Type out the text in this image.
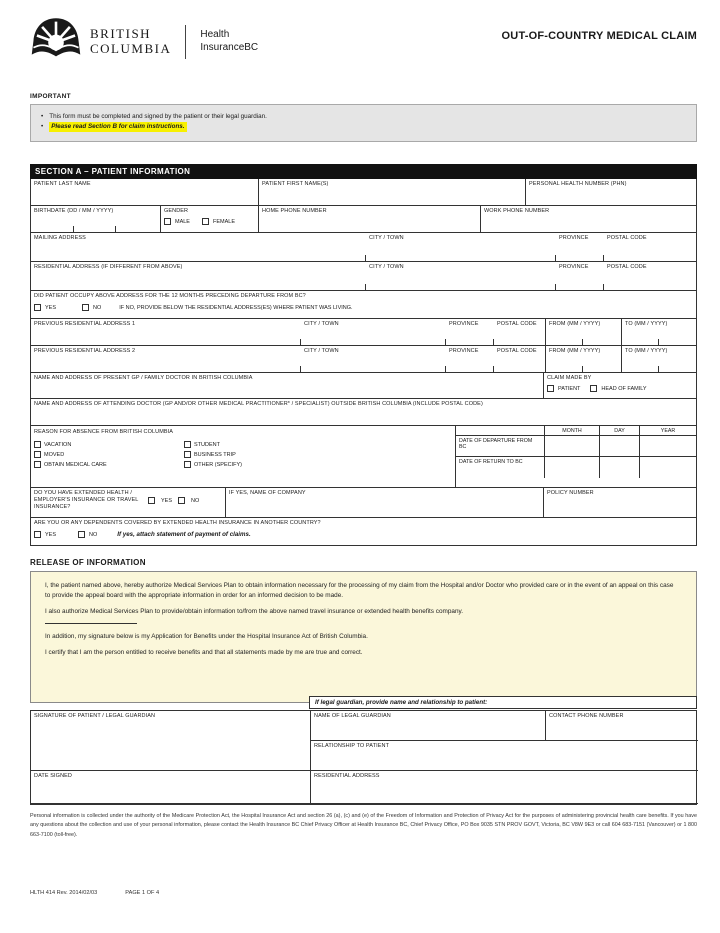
BRITISH
COLUMBIA
Health
InsuranceBC
OUT-OF-COUNTRY MEDICAL CLAIM
IMPORTANT
• This form must be completed and signed by the patient or their legal guardian.
•	Please read Section B for claim instructions.
SECTION A – PATIENT INFORMATION
PATIENT LAST NAME	PATIENT FIRST NAME(S)	PERSONAL HEALTH NUMBER (PHN)
BIRTHDATE (DD / MM / YYYY)	GENDER
MALE	FEMALE
HOME PHONE NUMBER	WORK PHONE NUMBER
MAILING ADDRESS	CITY / TOWN	PROVINCE	POSTAL CODE
RESIDENTIAL ADDRESS (IF DIFFERENT FROM ABOVE)	CITY / TOWN	PROVINCE	POSTAL CODE
DID PATIENT OCCUPY ABOVE ADDRESS FOR THE 12 MONTHS PRECEDING DEPARTURE FROM BC?
YES	NO	IF NO, PROVIDE BELOW THE RESIDENTIAL ADDRESS(ES) WHERE PATIENT WAS LIVING.
PREVIOUS RESIDENTIAL ADDRESS 1	CITY / TOWN	PROVINCE	POSTAL CODE	FROM (MM / YYYY)	TO (MM / YYYY)
PREVIOUS RESIDENTIAL ADDRESS 2	CITY / TOWN	PROVINCE	POSTAL CODE	FROM (MM / YYYY)	TO (MM / YYYY)
NAME AND ADDRESS OF PRESENT GP / FAMILY DOCTOR IN BRITISH COLUMBIA	CLAIM MADE BY
PATIENT	HEAD OF FAMILY
NAME AND ADDRESS OF ATTENDING DOCTOR (GP AND/OR OTHER MEDICAL PRACTITIONER* / SPECIALIST) OUTSIDE BRITISH COLUMBIA (INCLUDE POSTAL CODE)
REASON FOR ABSENCE FROM BRITISH COLUMBIA
VACATION
MOVED
OBTAIN MEDICAL CARE
STUDENT
BUSINESS TRIP
OTHER (SPECIFY)
MONTH	DAY	YEAR
DATE OF DEPARTURE FROM BC
DATE OF RETURN TO BC
DO YOU HAVE EXTENDED HEALTH / EMPLOYER'S INSURANCE OR TRAVEL INSURANCE?
YES	NO
IF YES, NAME OF COMPANY	POLICY NUMBER
ARE YOU OR ANY DEPENDENTS COVERED BY EXTENDED HEALTH INSURANCE IN ANOTHER COUNTRY?
YES	NO	If yes, attach statement of payment of claims.
RELEASE OF INFORMATION

I, the patient named above, hereby authorize Medical Services Plan to obtain information necessary for the processing of my claim from the Hospital and/or Doctor who provided care or in the event of an appeal on this case to provide the appeal board with the appropriate information in order for an informed decision to be made.

I also authorize Medical Services Plan to provide/obtain information to/from the above named travel insurance or extended health benefits company.

In addition, my signature below is my Application for Benefits under the Hospital Insurance Act of British Columbia.

I certify that I am the person entitled to receive benefits and that all statements made by me are true and correct.

If legal guardian, provide name and relationship to patient:
SIGNATURE OF PATIENT / LEGAL GUARDIAN	NAME OF LEGAL GUARDIAN	CONTACT PHONE NUMBER
RELATIONSHIP TO PATIENT
DATE SIGNED	RESIDENTIAL ADDRESS

Personal information is collected under the authority of the Medicare Protection Act, the Hospital Insurance Act and section 26 (a), (c) and (e) of the Freedom of Information and Protection of Privacy Act for the purposes of administering provincial health care benefits. If you have any questions about the collection and use of your personal information, please contact the Health Insurance BC Chief Privacy Officer at Health Insurance BC, Chief Privacy Office, PO Box 9035 STN PROV GOVT, Victoria, BC V8W 9E3 or call 604 683-7151 (Vancouver) or 1 800 663-7100 (toll-free).

HLTH 414 Rev. 2014/02/03	PAGE 1 OF 4
